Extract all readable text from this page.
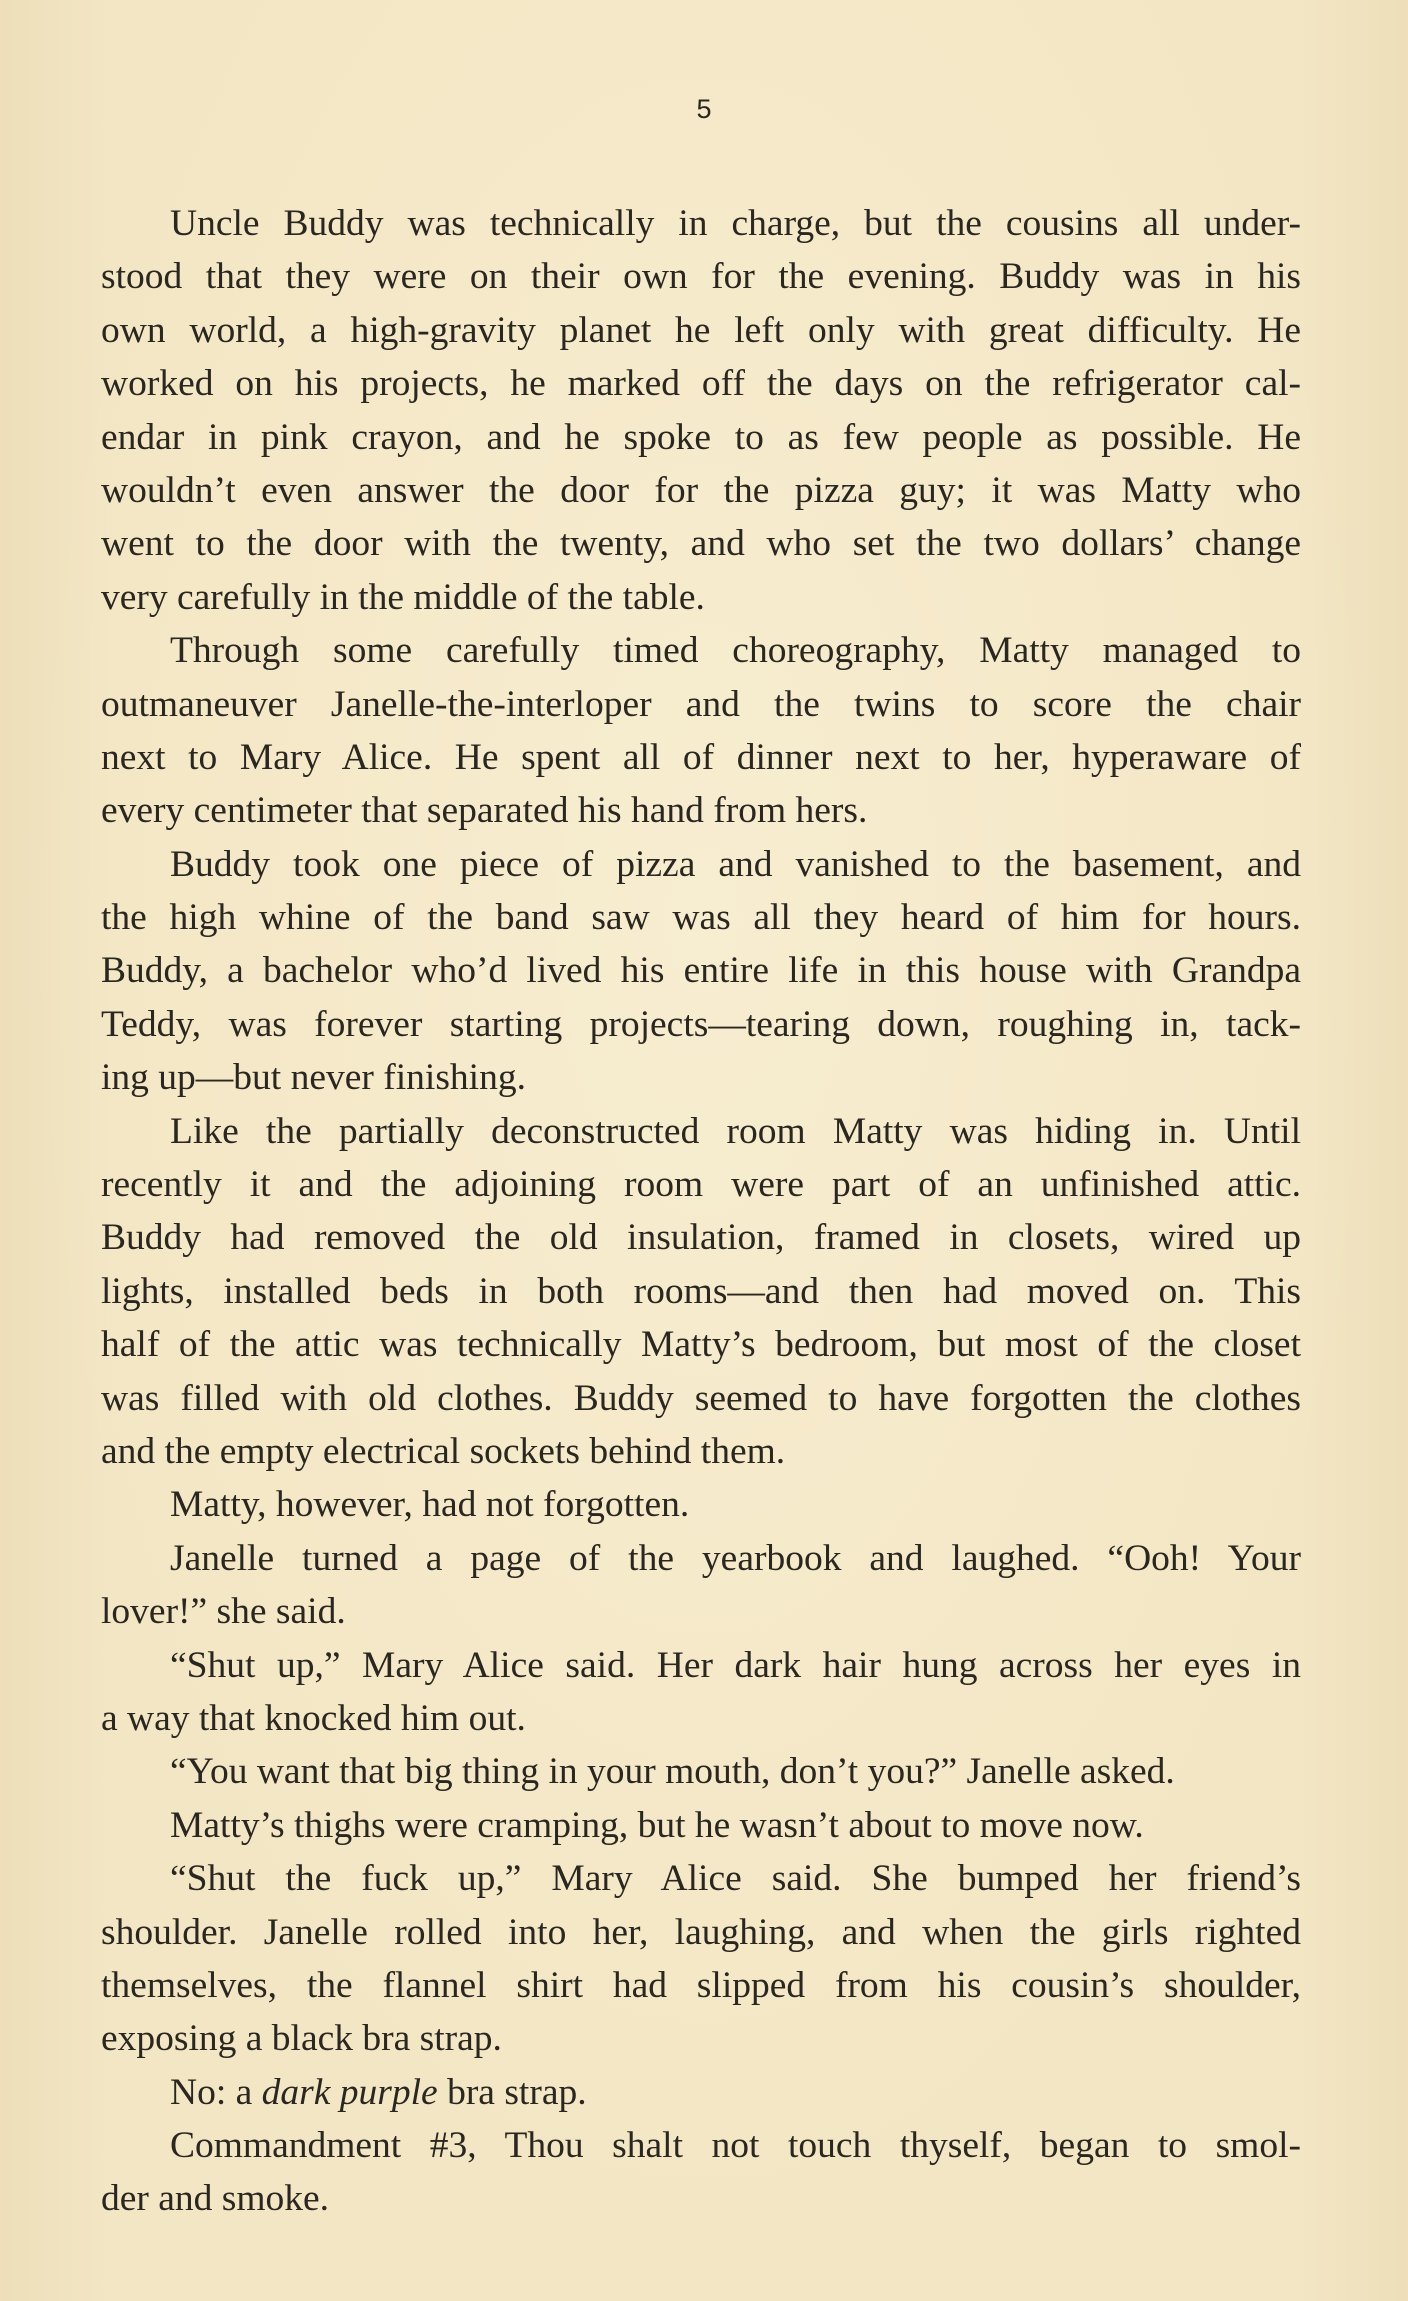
5
Uncle Buddy was technically in charge, but the cousins all under-
stood that they were on their own for the evening. Buddy was in his
own world, a high-gravity planet he left only with great difficulty. He
worked on his projects, he marked off the days on the refrigerator cal-
endar in pink crayon, and he spoke to as few people as possible. He
wouldn’t even answer the door for the pizza guy; it was Matty who
went to the door with the twenty, and who set the two dollars’ change
very carefully in the middle of the table.
Through some carefully timed choreography, Matty managed to
outmaneuver Janelle-the-interloper and the twins to score the chair
next to Mary Alice. He spent all of dinner next to her, hyperaware of
every centimeter that separated his hand from hers.
Buddy took one piece of pizza and vanished to the basement, and
the high whine of the band saw was all they heard of him for hours.
Buddy, a bachelor who’d lived his entire life in this house with Grandpa
Teddy, was forever starting projects—tearing down, roughing in, tack-
ing up—but never finishing.
Like the partially deconstructed room Matty was hiding in. Until
recently it and the adjoining room were part of an unfinished attic.
Buddy had removed the old insulation, framed in closets, wired up
lights, installed beds in both rooms—and then had moved on. This
half of the attic was technically Matty’s bedroom, but most of the closet
was filled with old clothes. Buddy seemed to have forgotten the clothes
and the empty electrical sockets behind them.
Matty, however, had not forgotten.
Janelle turned a page of the yearbook and laughed. “Ooh! Your
lover!” she said.
“Shut up,” Mary Alice said. Her dark hair hung across her eyes in
a way that knocked him out.
“You want that big thing in your mouth, don’t you?” Janelle asked.
Matty’s thighs were cramping, but he wasn’t about to move now.
“Shut the fuck up,” Mary Alice said. She bumped her friend’s
shoulder. Janelle rolled into her, laughing, and when the girls righted
themselves, the flannel shirt had slipped from his cousin’s shoulder,
exposing a black bra strap.
No: a dark purple bra strap.
Commandment #3, Thou shalt not touch thyself, began to smol-
der and smoke.
